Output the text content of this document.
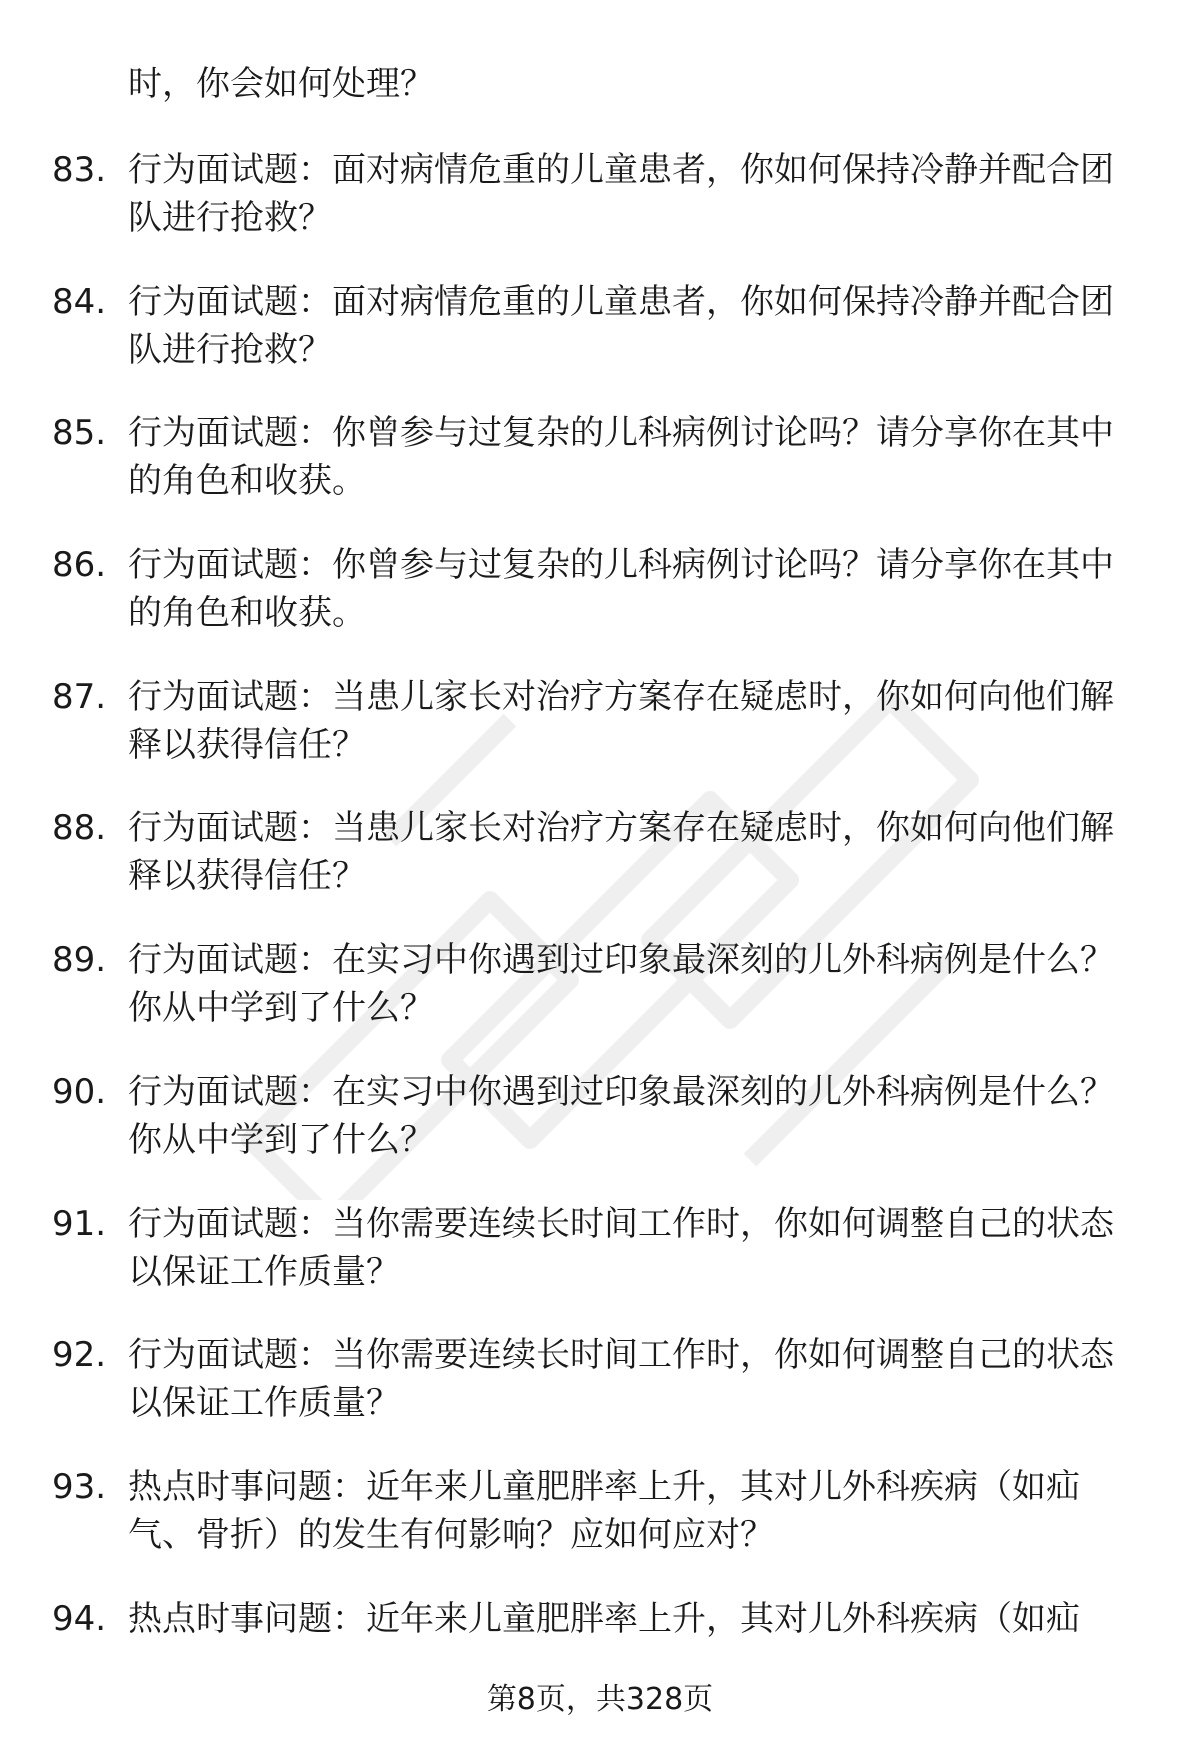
时，你会如何处理？

83. 行为面试题：面对病情危重的儿童患者，你如何保持冷静并配合团队进行抢救？
84. 行为面试题：面对病情危重的儿童患者，你如何保持冷静并配合团队进行抢救？
85. 行为面试题：你曾参与过复杂的儿科病例讨论吗？请分享你在其中的角色和收获。
86. 行为面试题：你曾参与过复杂的儿科病例讨论吗？请分享你在其中的角色和收获。
87. 行为面试题：当患儿家长对治疗方案存在疑虑时，你如何向他们解释以获得信任？
88. 行为面试题：当患儿家长对治疗方案存在疑虑时，你如何向他们解释以获得信任？
89. 行为面试题：在实习中你遇到过印象最深刻的儿外科病例是什么？你从中学到了什么？
90. 行为面试题：在实习中你遇到过印象最深刻的儿外科病例是什么？你从中学到了什么？
91. 行为面试题：当你需要连续长时间工作时，你如何调整自己的状态以保证工作质量？
92. 行为面试题：当你需要连续长时间工作时，你如何调整自己的状态以保证工作质量？
93. 热点时事问题：近年来儿童肥胖率上升，其对儿外科疾病（如疝气、骨折）的发生有何影响？应如何应对？
94. 热点时事问题：近年来儿童肥胖率上升，其对儿外科疾病（如疝
第8页，共328页
